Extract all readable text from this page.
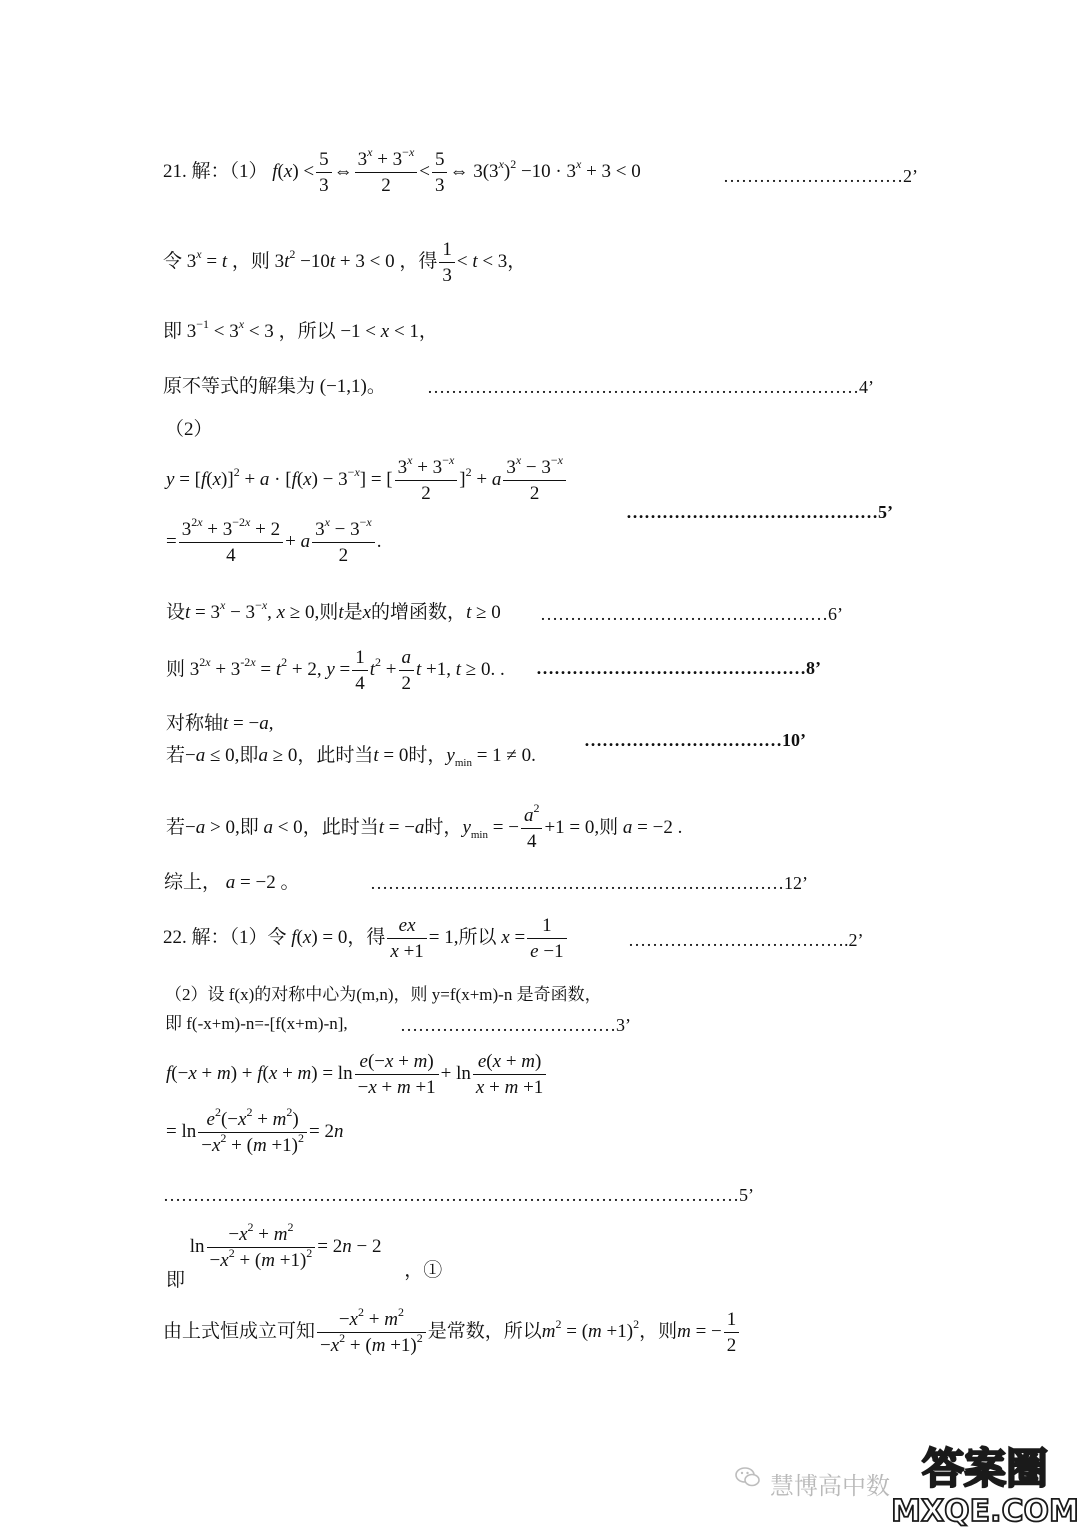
21. 解：（1） $f(x) < \frac{5}{3}$ ⇔ $\frac{3^x + 3^{-x}}{2} < \frac{5}{3}$ ⇔ $3(3^x)^2 -10 \cdot 3^x + 3 < 0$	…………………………2’
令 $3^x = t$ ，则 $3t^2 -10t + 3 < 0$ ，得 $\frac{1}{3} < t < 3$，
即 $3^{-1} < 3^x < 3$ ，所以 −1 < x < 1，
原不等式的解集为 (−1,1)。 ………………………………………………………………4’
（2）
$y = [f(x)]^2 + a \cdot [f(x) - 3^{-x}]$ = [ $\frac{3^x + 3^{-x}}{2} ]^2 + a \frac{3^x - 3^{-x}}{2}$
……………………………………5’
= $\frac{3^{2x} + 3^{-2x} + 2}{4} + a \frac{3^x - 3^{-x}}{2}$ .
设$t = 3^x - 3^{-x}$, x ≥ 0,则t是x的增函数，t ≥ 0 …………………………………………6’
则 $3^{2x} + 3^{-2x} = t^2 + 2$, $y = \frac{1}{4} t^2 + \frac{a}{2}$ t +1, t ≥ 0. . ………………………………………8’
对称轴t = −a,
若−a ≤ 0,即a ≥ 0，此时当t = 0时，$y_{min} = 1 \ne 0$.
……………………………10’
若−a > 0,即 a < 0，此时当t = −a时，$y_{min}$ = − $\frac{a^2}{4} +1 = 0$,则 a = −2 .
综上， a = −2 。	……………………………………………………………12’
22. 解：（1）令 f(x) = 0，得 $\frac{ex}{x +1} = 1$,所以 $x = \frac{1}{e -1}$	……………………………….2’
（2）设 f(x)的对称中心为(m,n)，则 y=f(x+m)-n 是奇函数，
即 f(-x+m)-n=-[f(x+m)-n],	………………………………3’
$f(-x + m) + f(x + m) = \ln \frac{e(-x + m)}{-x + m +1} + \ln \frac{e(x + m)}{x + m +1}$
= $\ln \frac{e^2(-x^2 + m^2)}{-x^2 + (m +1)^2} = 2n$
……………………………………………………………………………………5’
即 $\ln \frac{-x^2 + m^2}{-x^2 + (m +1)^2} = 2n - 2$ ，①
由上式恒成立可知 $\frac{-x^2 + m^2}{-x^2 + (m +1)^2}$ 是常数，所以$m^2 = (m +1)^2$，则m = − $\frac{1}{2}$
慧博高中数 答案圈
MXQE.COM
